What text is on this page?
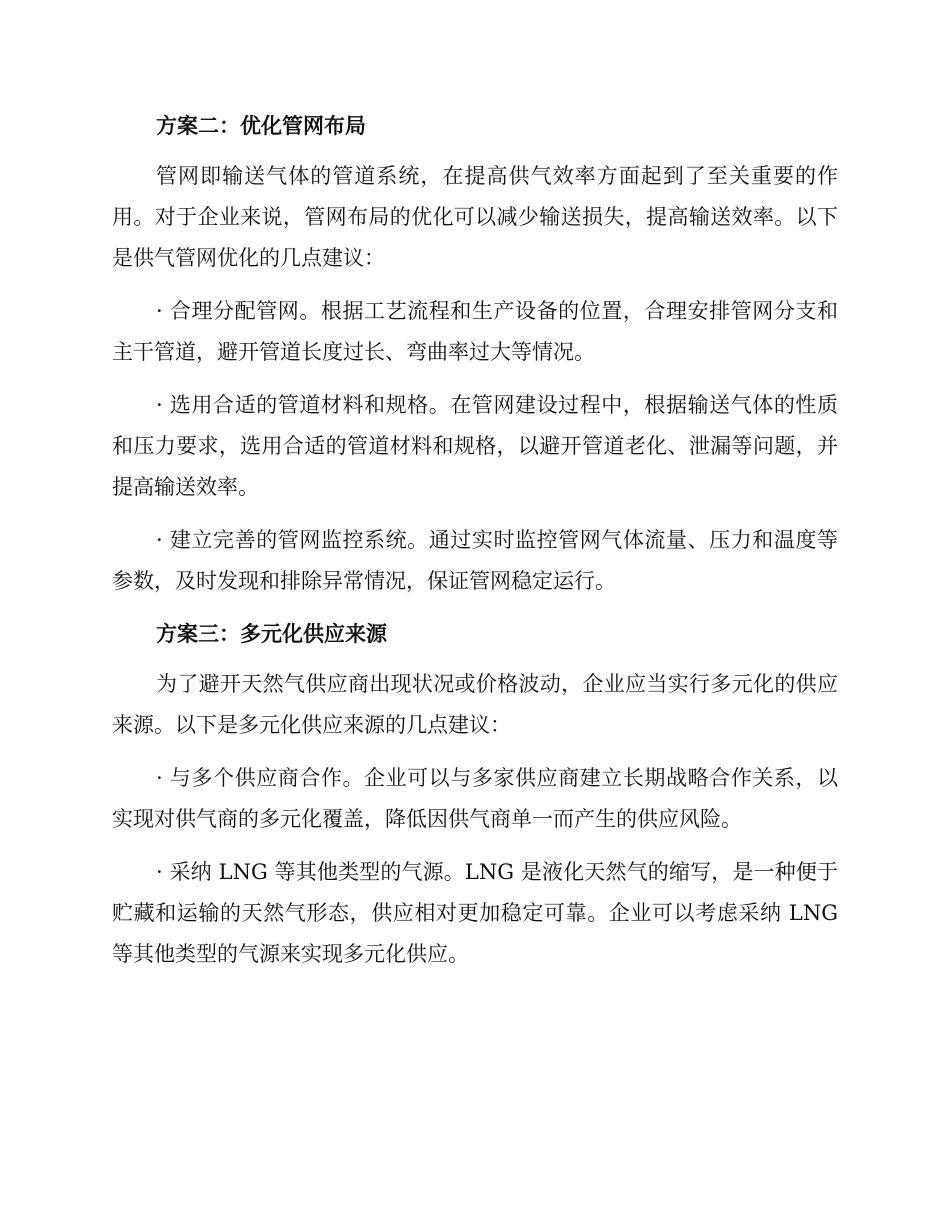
方案二：优化管网布局

管网即输送气体的管道系统，在提高供气效率方面起到了至关重要的作用。对于企业来说，管网布局的优化可以减少输送损失，提高输送效率。以下是供气管网优化的几点建议：

· 合理分配管网。根据工艺流程和生产设备的位置，合理安排管网分支和主干管道，避开管道长度过长、弯曲率过大等情况。

· 选用合适的管道材料和规格。在管网建设过程中，根据输送气体的性质和压力要求，选用合适的管道材料和规格，以避开管道老化、泄漏等问题，并提高输送效率。

· 建立完善的管网监控系统。通过实时监控管网气体流量、压力和温度等参数，及时发现和排除异常情况，保证管网稳定运行。

方案三：多元化供应来源

为了避开天然气供应商出现状况或价格波动，企业应当实行多元化的供应来源。以下是多元化供应来源的几点建议：

· 与多个供应商合作。企业可以与多家供应商建立长期战略合作关系，以实现对供气商的多元化覆盖，降低因供气商单一而产生的供应风险。

· 采纳 LNG 等其他类型的气源。LNG 是液化天然气的缩写，是一种便于贮藏和运输的天然气形态，供应相对更加稳定可靠。企业可以考虑采纳 LNG 等其他类型的气源来实现多元化供应。
